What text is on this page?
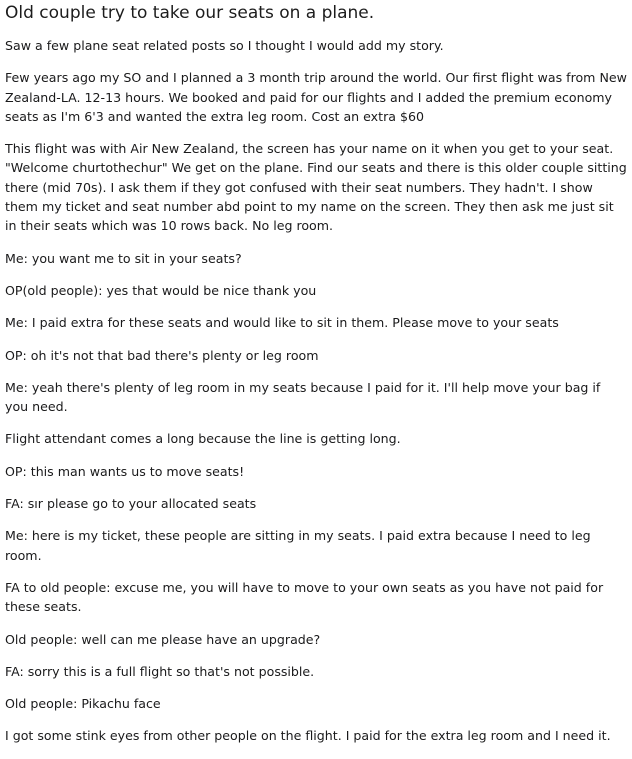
Old couple try to take our seats on a plane.

Saw a few plane seat related posts so I thought I would add my story.

Few years ago my SO and I planned a 3 month trip around the world. Our first flight was from New Zealand-LA. 12-13 hours. We booked and paid for our flights and I added the premium economy seats as I'm 6'3 and wanted the extra leg room. Cost an extra $60

This flight was with Air New Zealand, the screen has your name on it when you get to your seat. "Welcome churtothechur" We get on the plane. Find our seats and there is this older couple sitting there (mid 70s). I ask them if they got confused with their seat numbers. They hadn't. I show them my ticket and seat number abd point to my name on the screen. They then ask me just sit in their seats which was 10 rows back. No leg room.

Me: you want me to sit in your seats?

OP(old people): yes that would be nice thank you

Me: I paid extra for these seats and would like to sit in them. Please move to your seats

OP: oh it's not that bad there's plenty or leg room

Me: yeah there's plenty of leg room in my seats because I paid for it. I'll help move your bag if you need.

Flight attendant comes a long because the line is getting long.

OP: this man wants us to move seats!

FA: sır please go to your allocated seats

Me: here is my ticket, these people are sitting in my seats. I paid extra because I need to leg room.

FA to old people: excuse me, you will have to move to your own seats as you have not paid for these seats.

Old people: well can me please have an upgrade?

FA: sorry this is a full flight so that's not possible.

Old people: Pikachu face

I got some stink eyes from other people on the flight. I paid for the extra leg room and I need it.
